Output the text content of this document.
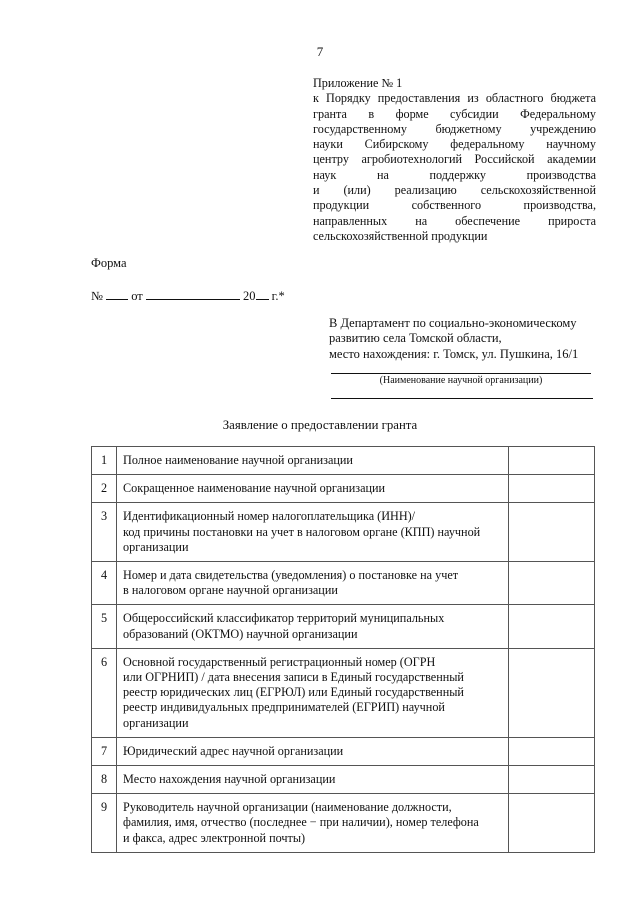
7
Приложение № 1
к Порядку предоставления из областного бюджета
гранта в форме субсидии Федеральному
государственному бюджетному учреждению
науки Сибирскому федеральному научному
центру агробиотехнологий Российской академии
наук на поддержку производства
и (или) реализацию сельскохозяйственной
продукции собственного производства,
направленных на обеспечение прироста
сельскохозяйственной продукции
Форма
№ от	20 г.*
В Департамент по социально-экономическому
развитию села Томской области,
место нахождения: г. Томск, ул. Пушкина, 16/1
(Наименование научной организации)
Заявление о предоставлении гранта
1	Полное наименование научной организации	

2	Сокращенное наименование научной организации	

3	Идентификационный номер налогоплательщика (ИНН)/
код причины постановки на учет в налоговом органе (КПП) научной
организации	

4	Номер и дата свидетельства (уведомления) о постановке на учет
в налоговом органе научной организации	

5	Общероссийский классификатор территорий муниципальных
образований (ОКТМО) научной организации	

6	Основной государственный регистрационный номер (ОГРН
или ОГРНИП) / дата внесения записи в Единый государственный
реестр юридических лиц (ЕГРЮЛ) или Единый государственный
реестр индивидуальных предпринимателей (ЕГРИП) научной
организации	

7	Юридический адрес научной организации	

8	Место нахождения научной организации	

9	Руководитель научной организации (наименование должности,
фамилия, имя, отчество (последнее − при наличии), номер телефона
и факса, адрес электронной почты)	
